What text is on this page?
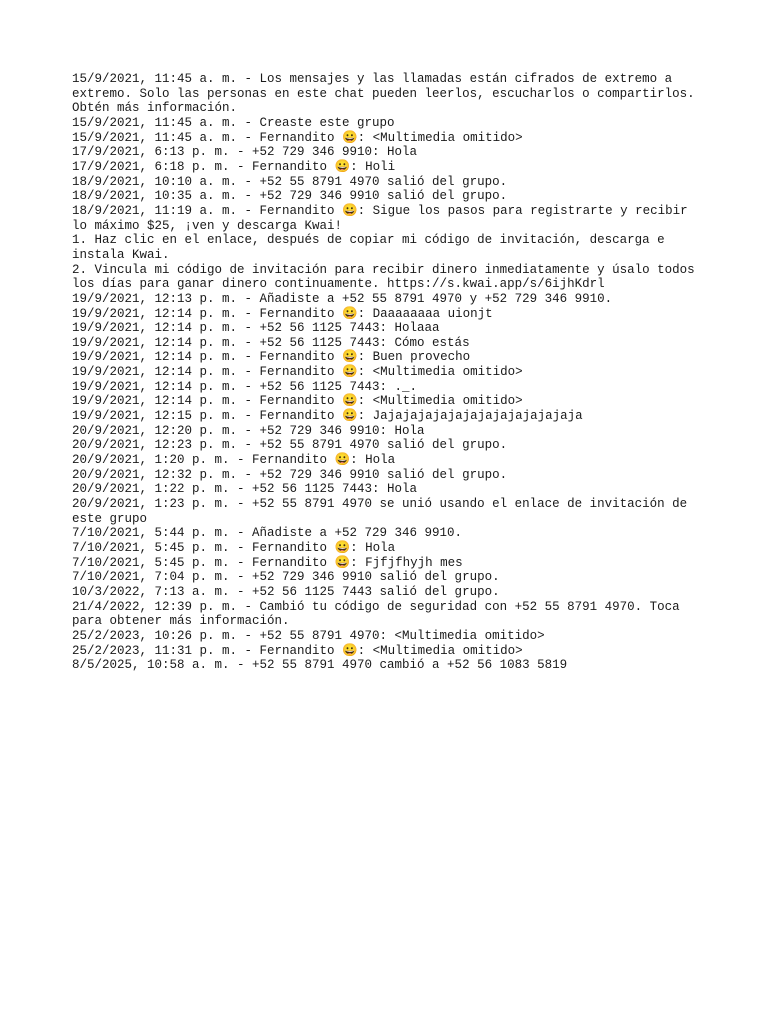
15/9/2021, 11:45 a. m. - Los mensajes y las llamadas están cifrados de extremo a extremo. Solo las personas en este chat pueden leerlos, escucharlos o compartirlos. Obtén más información.
15/9/2021, 11:45 a. m. - Creaste este grupo
15/9/2021, 11:45 a. m. - Fernandito 😀: <Multimedia omitido>
17/9/2021, 6:13 p. m. - +52 729 346 9910: Hola
17/9/2021, 6:18 p. m. - Fernandito 😀: Holi
18/9/2021, 10:10 a. m. - +52 55 8791 4970 salió del grupo.
18/9/2021, 10:35 a. m. - +52 729 346 9910 salió del grupo.
18/9/2021, 11:19 a. m. - Fernandito 😀: Sigue los pasos para registrarte y recibir lo máximo $25, ¡ven y descarga Kwai!
1. Haz clic en el enlace, después de copiar mi código de invitación, descarga e instala Kwai.
2. Vincula mi código de invitación para recibir dinero inmediatamente y úsalo todos los días para ganar dinero continuamente. https://s.kwai.app/s/6ijhKdrl
19/9/2021, 12:13 p. m. - Añadiste a +52 55 8791 4970 y +52 729 346 9910.
19/9/2021, 12:14 p. m. - Fernandito 😀: Daaaaaaaa uionjt
19/9/2021, 12:14 p. m. - +52 56 1125 7443: Holaaa
19/9/2021, 12:14 p. m. - +52 56 1125 7443: Cómo estás
19/9/2021, 12:14 p. m. - Fernandito 😀: Buen provecho
19/9/2021, 12:14 p. m. - Fernandito 😀: <Multimedia omitido>
19/9/2021, 12:14 p. m. - +52 56 1125 7443: ._.
19/9/2021, 12:14 p. m. - Fernandito 😀: <Multimedia omitido>
19/9/2021, 12:15 p. m. - Fernandito 😀: Jajajajajajajajajajajajajaja
20/9/2021, 12:20 p. m. - +52 729 346 9910: Hola
20/9/2021, 12:23 p. m. - +52 55 8791 4970 salió del grupo.
20/9/2021, 1:20 p. m. - Fernandito 😀: Hola
20/9/2021, 12:32 p. m. - +52 729 346 9910 salió del grupo.
20/9/2021, 1:22 p. m. - +52 56 1125 7443: Hola
20/9/2021, 1:23 p. m. - +52 55 8791 4970 se unió usando el enlace de invitación de este grupo
7/10/2021, 5:44 p. m. - Añadiste a +52 729 346 9910.
7/10/2021, 5:45 p. m. - Fernandito 😀: Hola
7/10/2021, 5:45 p. m. - Fernandito 😀: Fjfjfhyjh mes
7/10/2021, 7:04 p. m. - +52 729 346 9910 salió del grupo.
10/3/2022, 7:13 a. m. - +52 56 1125 7443 salió del grupo.
21/4/2022, 12:39 p. m. - Cambió tu código de seguridad con +52 55 8791 4970. Toca para obtener más información.
25/2/2023, 10:26 p. m. - +52 55 8791 4970: <Multimedia omitido>
25/2/2023, 11:31 p. m. - Fernandito 😀: <Multimedia omitido>
8/5/2025, 10:58 a. m. - +52 55 8791 4970 cambió a +52 56 1083 5819
